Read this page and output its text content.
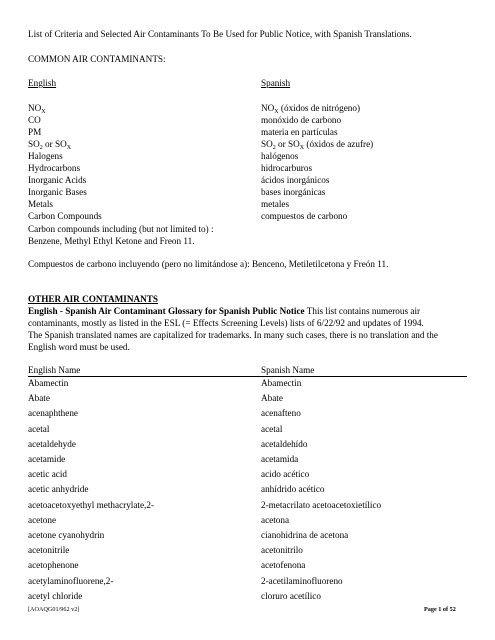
List of Criteria and Selected Air Contaminants To Be Used for Public Notice, with Spanish Translations.
COMMON AIR CONTAMINANTS:
English	Spanish
$NO_X$	$NO_X$ (óxidos de nitrógeno)
CO	monóxido de carbono
PM	materia en partículas
$SO_2$ or $SO_X$	$SO_2$ or $SO_X$ (óxidos de azufre)
Halogens	halógenos
Hydrocarbons	hidrocarburos
Inorganic Acids	ácidos inorgánicos
Inorganic Bases	bases inorgánicas
Metals	metales
Carbon Compounds	compuestos de carbono
Carbon compounds including (but not limited to) :
Benzene, Methyl Ethyl Ketone and Freon 11.
Compuestos de carbono incluyendo (pero no limitándose a): Benceno, Metiletilcetona y Freón 11.
OTHER AIR CONTAMINANTS
English - Spanish Air Contaminant Glossary for Spanish Public Notice This list contains numerous air
contaminants, mostly as listed in the ESL (= Effects Screening Levels) lists of 6/22/92 and updates of 1994.
The Spanish translated names are capitalized for trademarks. In many such cases, there is no translation and the
English word must be used.
English Name	Spanish Name
Abamectin	Abamectin
Abate	Abate
acenaphthene	acenafteno
acetal	acetal
acetaldehyde	acetaldehído
acetamide	acetamida
acetic acid	acido acético
acetic anhydride	anhídrido acético
acetoacetoxyethyl methacrylate,2-	2-metacrilato acetoacetoxietílico
acetone	acetona
acetone cyanohydrin	cianohidrina de acetona
acetonitrile	acetonitrilo
acetophenone	acetofenona
acetylaminofluorene,2-	2-acetilaminofluoreno
acetyl chloride	cloruro acetílico
[AOAQG01/962 v2]	Page 1 of 52
